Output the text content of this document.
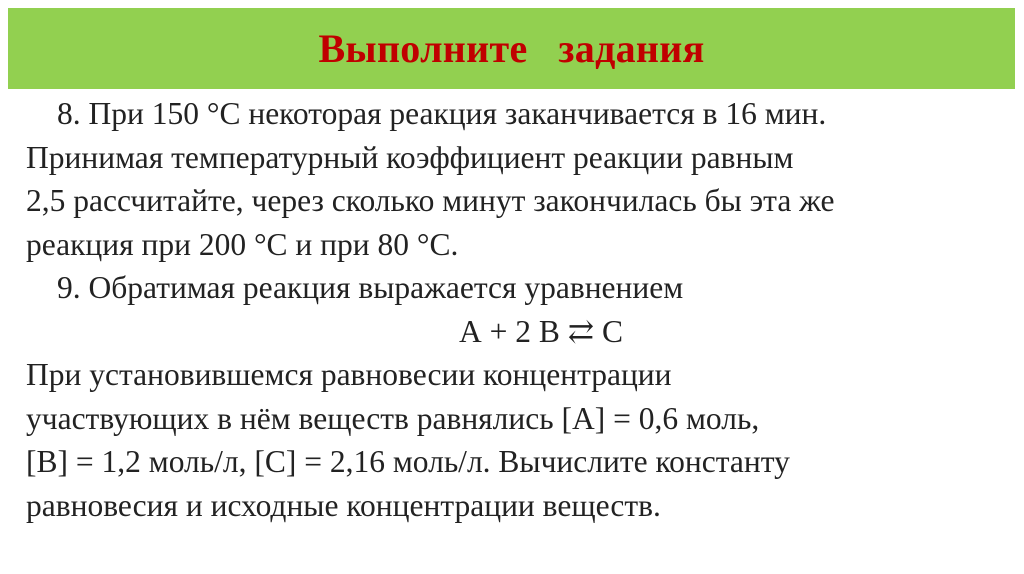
Выполните   задания
8. При 150 °С некоторая реакция заканчивается в 16 мин.
Принимая температурный коэффициент реакции равным
2,5 рассчитайте, через сколько минут закончилась бы эта же
реакция при 200 °С и при 80 °С.
9. Обратимая реакция выражается уравнением
А + 2 В ⇄ С
При установившемся равновесии концентрации
участвующих в нём веществ равнялись [А] = 0,6 моль,
[В] = 1,2 моль/л, [С] = 2,16 моль/л. Вычислите константу
равновесия и исходные концентрации веществ.
